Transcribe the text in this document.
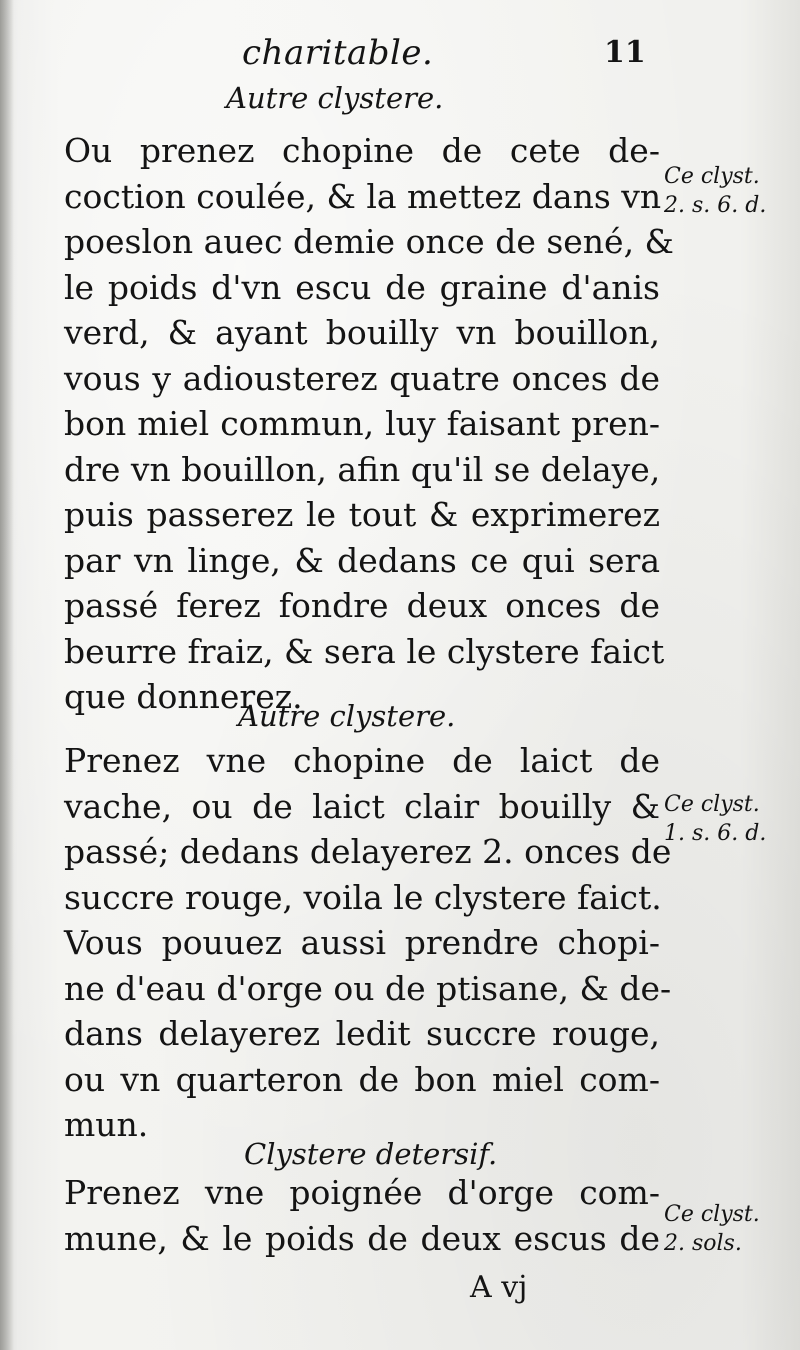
charitable.	11
Autre clystere.
Ou prenez chopine de cete de-
coction coulée, & la mettez dans vn
poeslon auec demie once de sené, &
le poids d'vn escu de graine d'anis
verd, & ayant bouilly vn bouillon,
vous y adiousterez quatre onces de
bon miel commun, luy faisant pren-
dre vn bouillon, afin qu'il se delaye,
puis passerez le tout & exprimerez
par vn linge, & dedans ce qui sera
passé ferez fondre deux onces de
beurre fraiz, & sera le clystere faict
que donnerez.
Ce clyst.
2. s. 6. d.
Autre clystere.
Prenez vne chopine de laict de
vache, ou de laict clair bouilly &
passé; dedans delayerez 2. onces de
succre rouge, voila le clystere faict.
Vous pouuez aussi prendre chopi-
ne d'eau d'orge ou de ptisane, & de-
dans delayerez ledit succre rouge,
ou vn quarteron de bon miel com-
mun.
Ce clyst.
1. s. 6. d.
Clystere detersif.
Prenez vne poignée d'orge com-
mune, & le poids de deux escus de
Ce clyst.
2. sols.
A vj
